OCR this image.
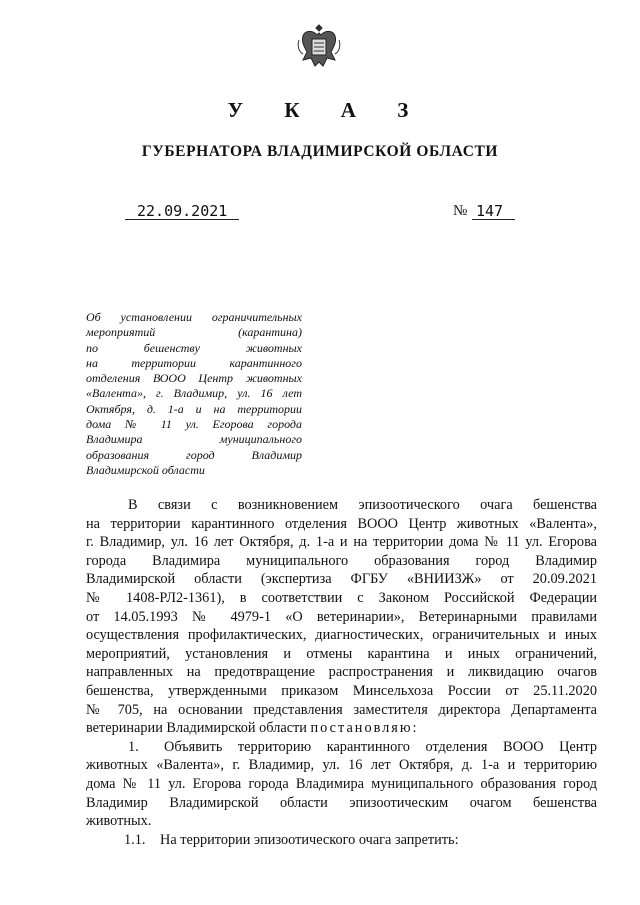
У К А З
ГУБЕРНАТОРА ВЛАДИМИРСКОЙ ОБЛАСТИ
22.09.2021	№ 147
Об установлении ограничительных
мероприятий (карантина)
по бешенству животных
на территории карантинного
отделения ВООО Центр животных
«Валента», г. Владимир, ул. 16 лет
Октября, д. 1-а и на территории
дома № 11 ул. Егорова города
Владимира муниципального
образования город Владимир
Владимирской области
В связи с возникновением эпизоотического очага бешенства
на территории карантинного отделения ВООО Центр животных «Валента»,
г. Владимир, ул. 16 лет Октября, д. 1-а и на территории дома № 11 ул. Егорова
города Владимира муниципального образования город Владимир
Владимирской области (экспертиза ФГБУ «ВНИИЗЖ» от 20.09.2021
№ 1408-РЛ2-1361), в соответствии с Законом Российской Федерации
от 14.05.1993 № 4979-1 «О ветеринарии», Ветеринарными правилами
осуществления профилактических, диагностических, ограничительных и иных
мероприятий, установления и отмены карантина и иных ограничений,
направленных на предотвращение распространения и ликвидацию очагов
бешенства, утвержденными приказом Минсельхоза России от 25.11.2020
№ 705, на основании представления заместителя директора Департамента
ветеринарии Владимирской области постановляю:
1. Объявить территорию карантинного отделения ВООО Центр
животных «Валента», г. Владимир, ул. 16 лет Октября, д. 1-а и территорию
дома № 11 ул. Егорова города Владимира муниципального образования город
Владимир Владимирской области эпизоотическим очагом бешенства
животных.
1.1. На территории эпизоотического очага запретить:
